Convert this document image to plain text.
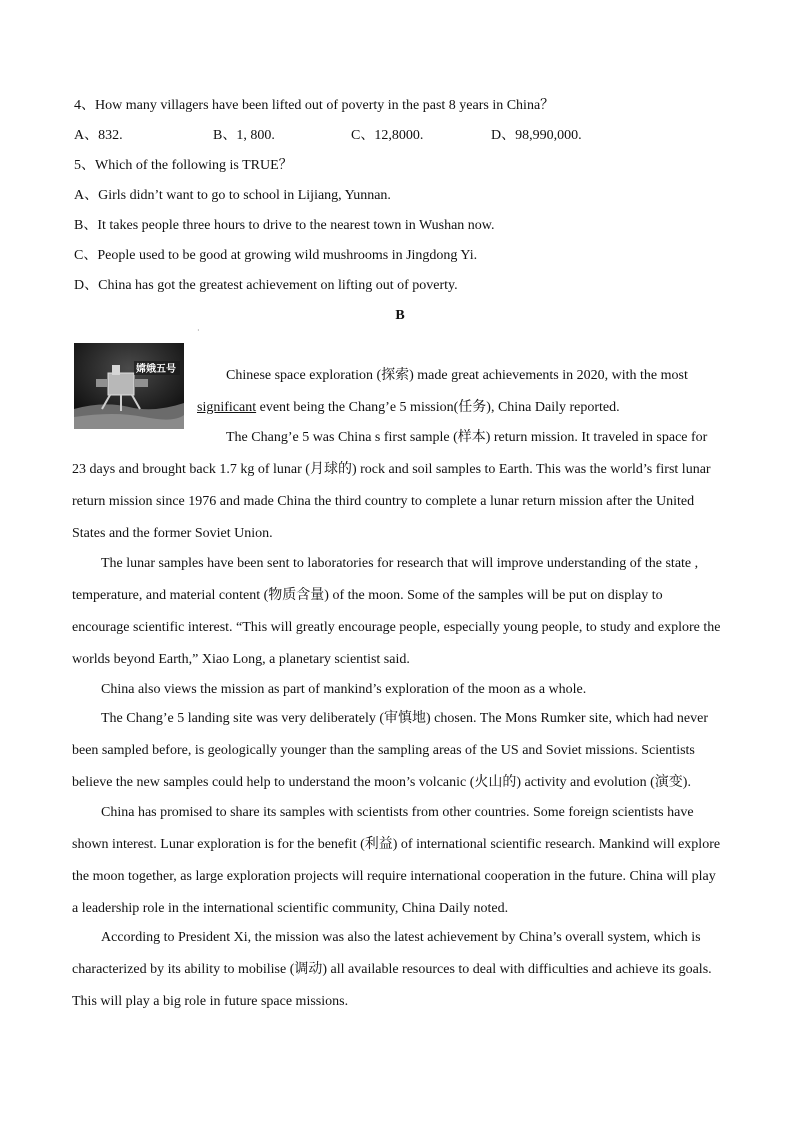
4、How many villagers have been lifted out of poverty in the past 8 years in China？
A、832.	B、1, 800.	C、12,8000.	D、98,990,000.
5、Which of the following is TRUE？
A、Girls didn’t want to go to school in Lijiang, Yunnan.
B、It takes people three hours to drive to the nearest town in Wushan now.
C、People used to be good at growing wild mushrooms in Jingdong Yi.
D、China has got the greatest achievement on lifting out of poverty.
B
·
嫦娥五号	Chinese space exploration (探索) made great achievements in 2020, with the most
significant event being the Chang’e 5 mission(任务), China Daily reported.
The Chang’e 5 was China s first sample (样本) return mission. It traveled in space for
23 days and brought back 1.7 kg of lunar (月球的) rock and soil samples to Earth. This was the world’s first lunar
return mission since 1976 and made China the third country to complete a lunar return mission after the United
States and the former Soviet Union.
The lunar samples have been sent to laboratories for research that will improve understanding of the state ,
temperature, and material content (物质含量) of the moon. Some of the samples will be put on display to
encourage scientific interest. “This will greatly encourage people, especially young people, to study and explore the
worlds beyond Earth,” Xiao Long, a planetary scientist said.
China also views the mission as part of mankind’s exploration of the moon as a whole.
The Chang’e 5 landing site was very deliberately (审慎地) chosen. The Mons Rumker site, which had never
been sampled before, is geologically younger than the sampling areas of the US and Soviet missions. Scientists
believe the new samples could help to understand the moon’s volcanic (火山的) activity and evolution (演变).
China has promised to share its samples with scientists from other countries. Some foreign scientists have
shown interest. Lunar exploration is for the benefit (利益) of international scientific research. Mankind will explore
the moon together, as large exploration projects will require international cooperation in the future. China will play
a leadership role in the international scientific community, China Daily noted.
According to President Xi, the mission was also the latest achievement by China’s overall system, which is
characterized by its ability to mobilise (调动) all available resources to deal with difficulties and achieve its goals.
This will play a big role in future space missions.
